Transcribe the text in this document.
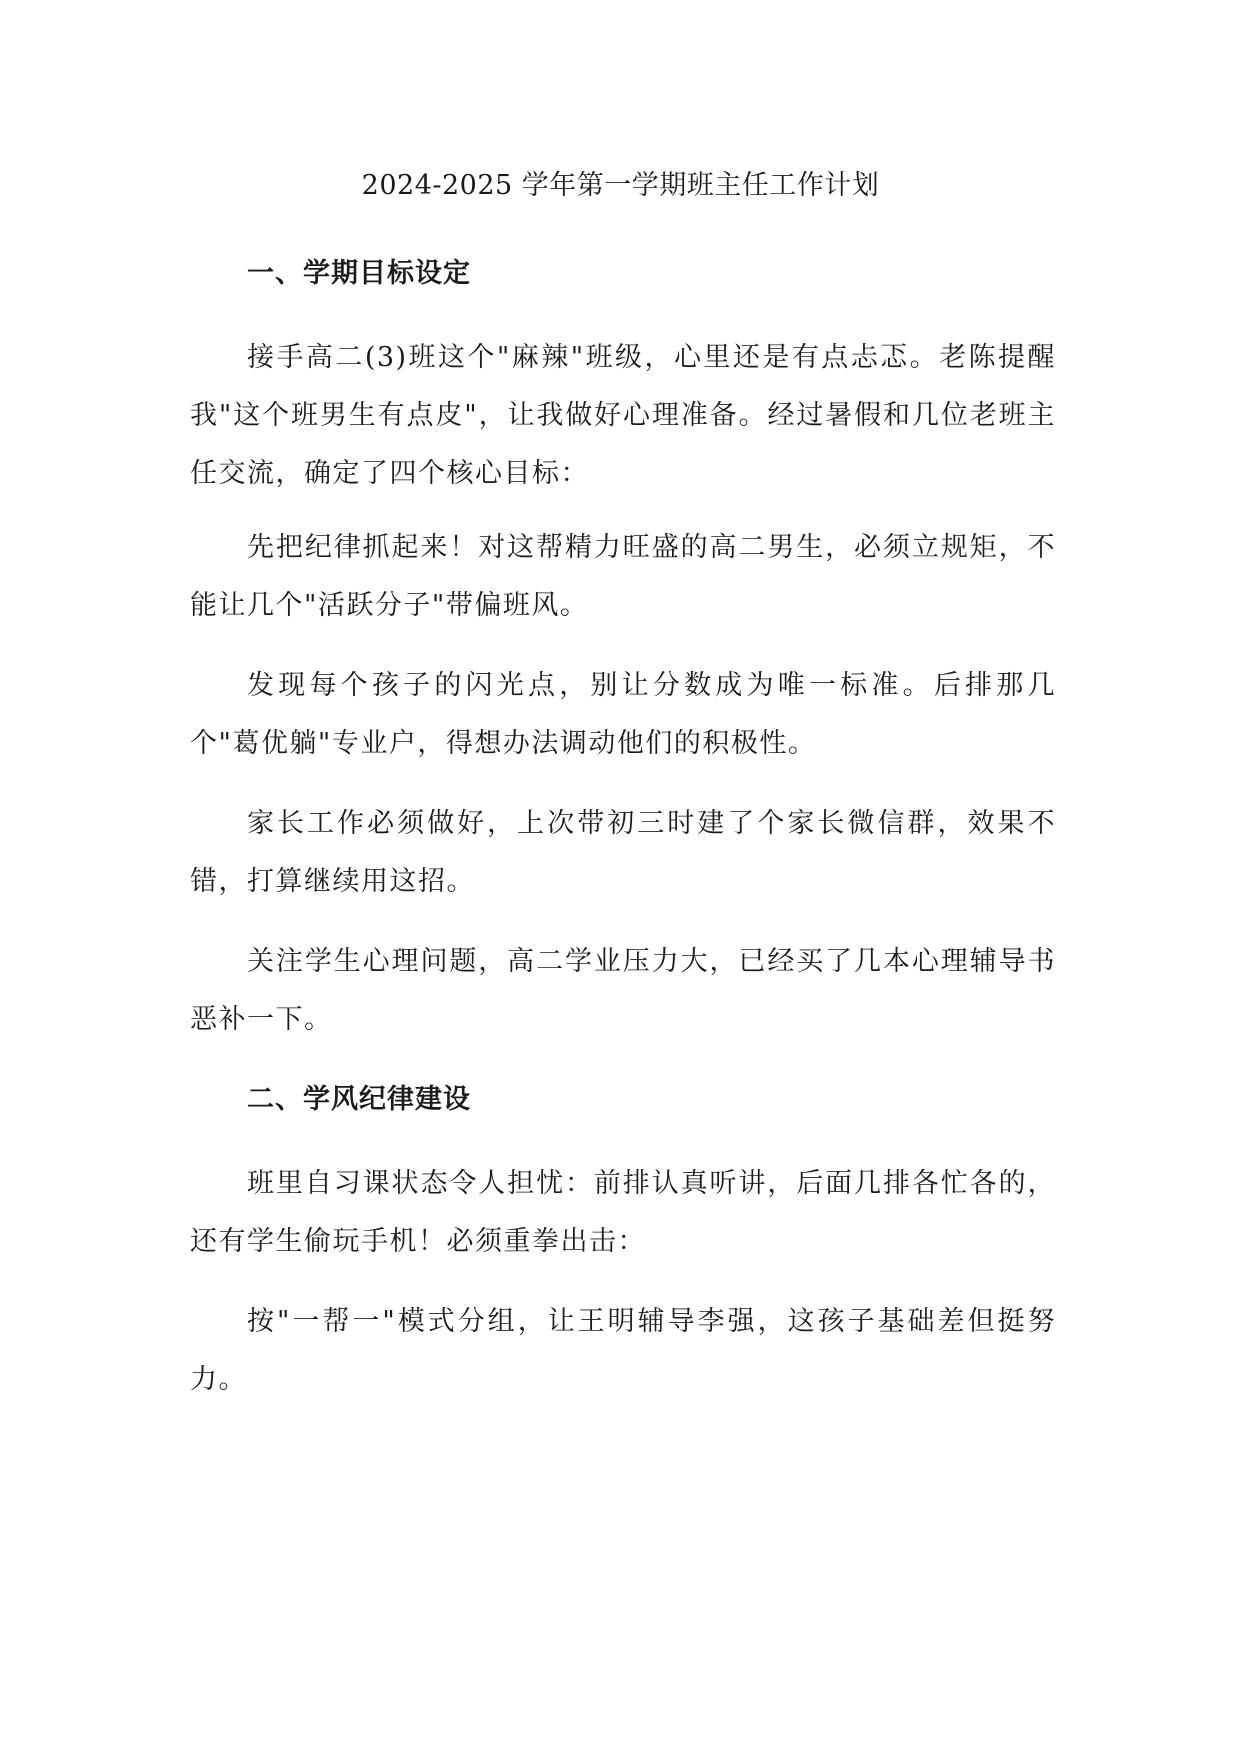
2024-2025 学年第一学期班主任工作计划
一、学期目标设定

接手高二(3)班这个"麻辣"班级，心里还是有点忐忑。老陈提醒我"这个班男生有点皮"，让我做好心理准备。经过暑假和几位老班主任交流，确定了四个核心目标：

先把纪律抓起来！对这帮精力旺盛的高二男生，必须立规矩，不能让几个"活跃分子"带偏班风。

发现每个孩子的闪光点，别让分数成为唯一标准。后排那几个"葛优躺"专业户，得想办法调动他们的积极性。

家长工作必须做好，上次带初三时建了个家长微信群，效果不错，打算继续用这招。

关注学生心理问题，高二学业压力大，已经买了几本心理辅导书恶补一下。

二、学风纪律建设

班里自习课状态令人担忧：前排认真听讲，后面几排各忙各的，还有学生偷玩手机！必须重拳出击：

按"一帮一"模式分组，让王明辅导李强，这孩子基础差但挺努力。
